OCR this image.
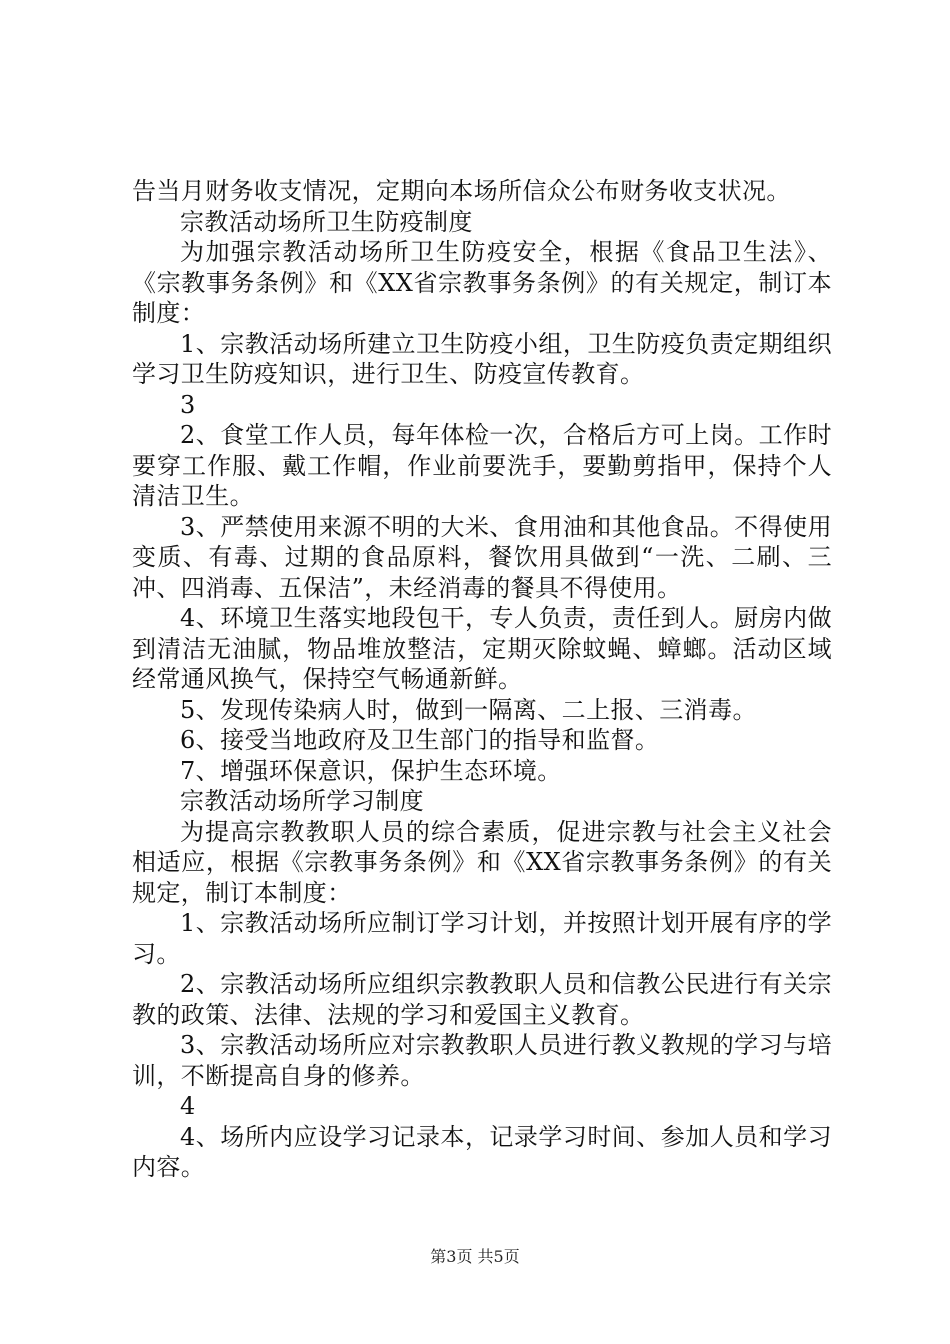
告当月财务收支情况，定期向本场所信众公布财务收支状况。

宗教活动场所卫生防疫制度

为加强宗教活动场所卫生防疫安全，根据《食品卫生法》、《宗教事务条例》和《XX省宗教事务条例》的有关规定，制订本制度：

1、宗教活动场所建立卫生防疫小组，卫生防疫负责定期组织学习卫生防疫知识，进行卫生、防疫宣传教育。

3

2、食堂工作人员，每年体检一次，合格后方可上岗。工作时要穿工作服、戴工作帽，作业前要洗手，要勤剪指甲，保持个人清洁卫生。

3、严禁使用来源不明的大米、食用油和其他食品。不得使用变质、有毒、过期的食品原料，餐饮用具做到“一洗、二刷、三冲、四消毒、五保洁”，未经消毒的餐具不得使用。

4、环境卫生落实地段包干，专人负责，责任到人。厨房内做到清洁无油腻，物品堆放整洁，定期灭除蚊蝇、蟑螂。活动区域经常通风换气，保持空气畅通新鲜。

5、发现传染病人时，做到一隔离、二上报、三消毒。

6、接受当地政府及卫生部门的指导和监督。

7、增强环保意识，保护生态环境。

宗教活动场所学习制度

为提高宗教教职人员的综合素质，促进宗教与社会主义社会相适应，根据《宗教事务条例》和《XX省宗教事务条例》的有关规定，制订本制度：

1、宗教活动场所应制订学习计划，并按照计划开展有序的学习。

2、宗教活动场所应组织宗教教职人员和信教公民进行有关宗教的政策、法律、法规的学习和爱国主义教育。

3、宗教活动场所应对宗教教职人员进行教义教规的学习与培训，不断提高自身的修养。

4

4、场所内应设学习记录本，记录学习时间、参加人员和学习内容。

第3页 共5页
